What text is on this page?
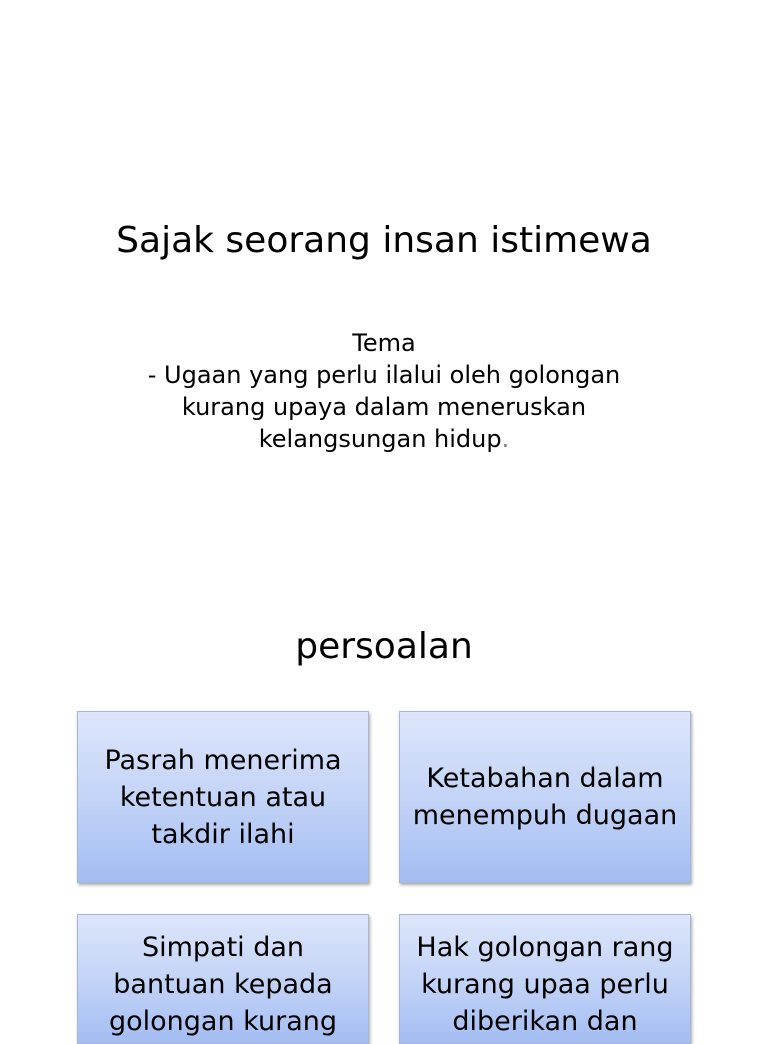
Sajak seorang insan istimewa
Tema
- Ugaan yang perlu ilalui oleh golongan
kurang upaya dalam meneruskan
kelangsungan hidup.
persoalan
Pasrah menerima
ketentuan atau
takdir ilahi
Ketabahan dalam
menempuh dugaan
Simpati dan
bantuan kepada
golongan kurang
Hak golongan rang
kurang upaa perlu
diberikan dan
